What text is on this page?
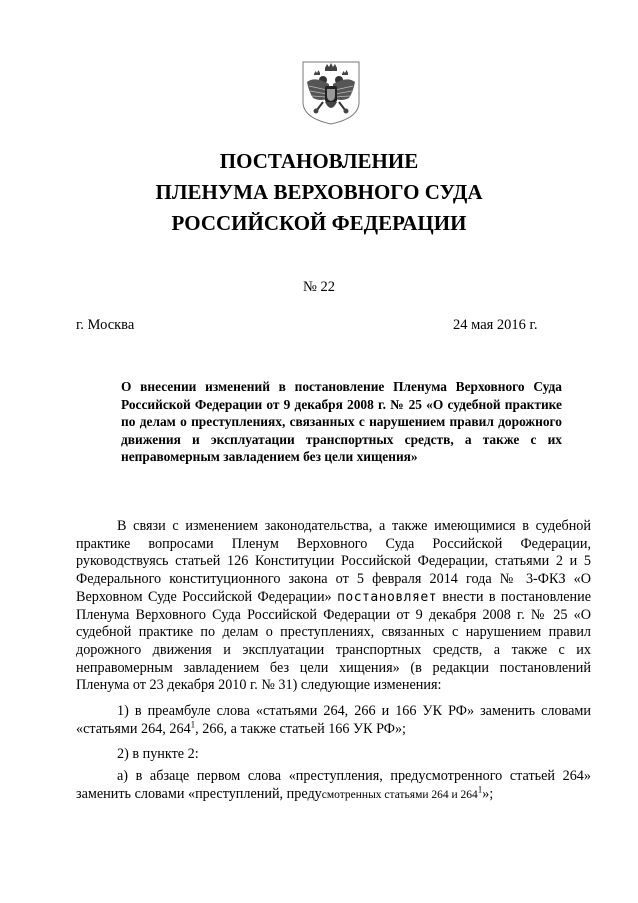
ПОСТАНОВЛЕНИЕ
ПЛЕНУМА ВЕРХОВНОГО СУДА
РОССИЙСКОЙ ФЕДЕРАЦИИ
№ 22
г. Москва	24 мая 2016 г.
О внесении изменений в постановление Пленума Верховного Суда Российской Федерации от 9 декабря 2008 г. № 25 «О судебной практике по делам о преступлениях, связанных с нарушением правил дорожного движения и эксплуатации транспортных средств, а также с их неправомерным завладением без цели хищения»

В связи с изменением законодательства, а также имеющимися в судебной практике вопросами Пленум Верховного Суда Российской Федерации, руководствуясь статьей 126 Конституции Российской Федерации, статьями 2 и 5 Федерального конституционного закона от 5 февраля 2014 года № 3-ФКЗ «О Верховном Суде Российской Федерации» постановляет внести в постановление Пленума Верховного Суда Российской Федерации от 9 декабря 2008 г. № 25 «О судебной практике по делам о преступлениях, связанных с нарушением правил дорожного движения и эксплуатации транспортных средств, а также с их неправомерным завладением без цели хищения» (в редакции постановлений Пленума от 23 декабря 2010 г. № 31) следующие изменения:

1) в преамбуле слова «статьями 264, 266 и 166 УК РФ» заменить словами «статьями 264, $264^1$, 266, а также статьей 166 УК РФ»;

2) в пункте 2:

а) в абзаце первом слова «преступления, предусмотренного статьей 264» заменить словами «преступлений, предусмотренных статьями 264 и $264^1$»;
